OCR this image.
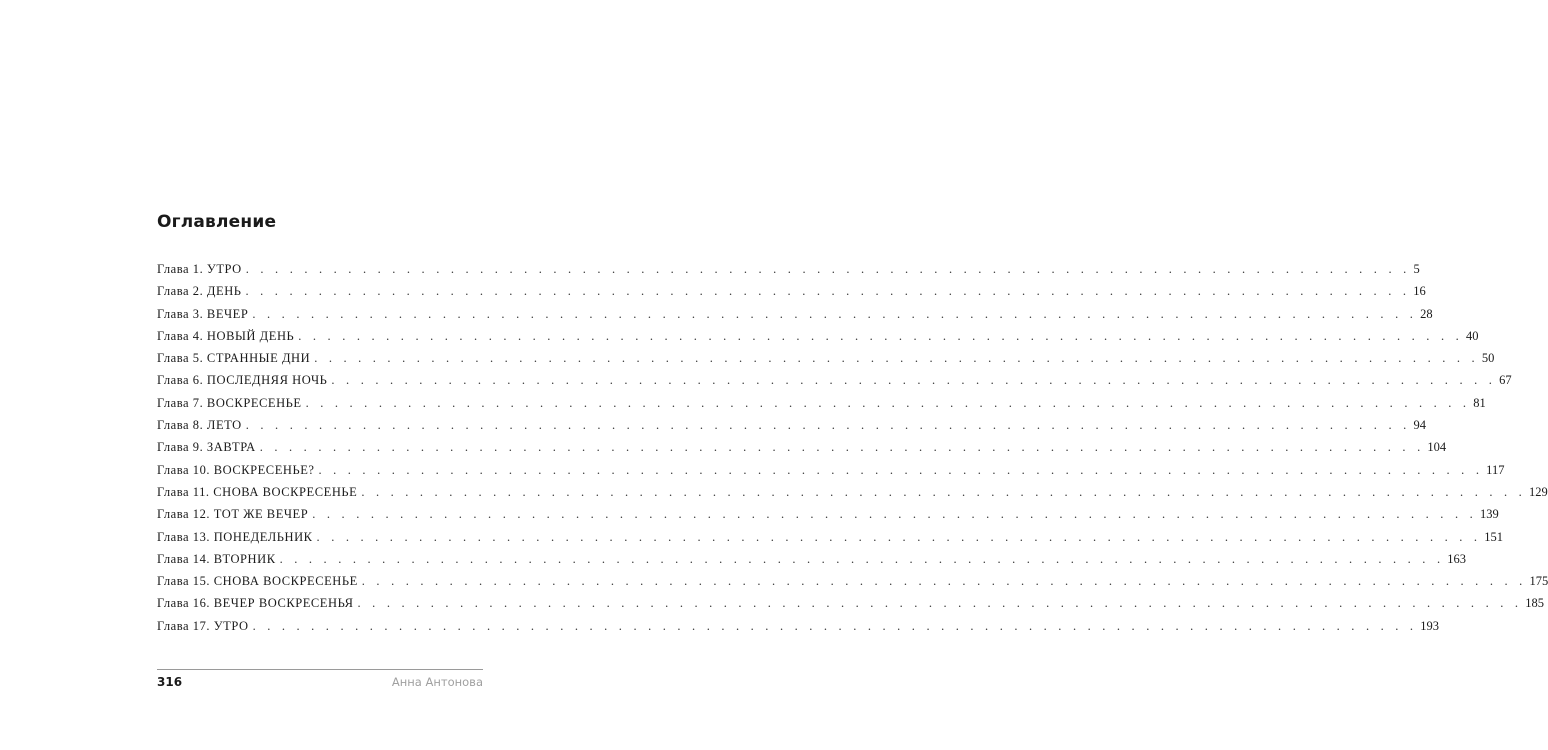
Оглавление
Глава 1. УТРО . . . . . . . . . . . . . . . . . . . . . . . . . . . . . . . . . . . . . . . . . . . . . . . . . . . . . . . . . . . . . . . . . . . . . . . . . . . . . . . . 5
Глава 2. ДЕНЬ . . . . . . . . . . . . . . . . . . . . . . . . . . . . . . . . . . . . . . . . . . . . . . . . . . . . . . . . . . . . . . . . . . . . . . . . . . . . . . . . 16
Глава 3. ВЕЧЕР . . . . . . . . . . . . . . . . . . . . . . . . . . . . . . . . . . . . . . . . . . . . . . . . . . . . . . . . . . . . . . . . . . . . . . . . . . . . . . . . 28
Глава 4. НОВЫЙ ДЕНЬ . . . . . . . . . . . . . . . . . . . . . . . . . . . . . . . . . . . . . . . . . . . . . . . . . . . . . . . . . . . . . . . . . . . . . . . . . . . . . . . . 40
Глава 5. СТРАННЫЕ ДНИ . . . . . . . . . . . . . . . . . . . . . . . . . . . . . . . . . . . . . . . . . . . . . . . . . . . . . . . . . . . . . . . . . . . . . . . . . . . . . . . . 50
Глава 6. ПОСЛЕДНЯЯ НОЧЬ . . . . . . . . . . . . . . . . . . . . . . . . . . . . . . . . . . . . . . . . . . . . . . . . . . . . . . . . . . . . . . . . . . . . . . . . . . . . . . . . 67
Глава 7. ВОСКРЕСЕНЬЕ . . . . . . . . . . . . . . . . . . . . . . . . . . . . . . . . . . . . . . . . . . . . . . . . . . . . . . . . . . . . . . . . . . . . . . . . . . . . . . . . 81
Глава 8. ЛЕТО . . . . . . . . . . . . . . . . . . . . . . . . . . . . . . . . . . . . . . . . . . . . . . . . . . . . . . . . . . . . . . . . . . . . . . . . . . . . . . . . 94
Глава 9. ЗАВТРА . . . . . . . . . . . . . . . . . . . . . . . . . . . . . . . . . . . . . . . . . . . . . . . . . . . . . . . . . . . . . . . . . . . . . . . . . . . . . . . . 104
Глава 10. ВОСКРЕСЕНЬЕ? . . . . . . . . . . . . . . . . . . . . . . . . . . . . . . . . . . . . . . . . . . . . . . . . . . . . . . . . . . . . . . . . . . . . . . . . . . . . . . . . 117
Глава 11. СНОВА ВОСКРЕСЕНЬЕ . . . . . . . . . . . . . . . . . . . . . . . . . . . . . . . . . . . . . . . . . . . . . . . . . . . . . . . . . . . . . . . . . . . . . . . . . . . . . . . . 129
Глава 12. ТОТ ЖЕ ВЕЧЕР . . . . . . . . . . . . . . . . . . . . . . . . . . . . . . . . . . . . . . . . . . . . . . . . . . . . . . . . . . . . . . . . . . . . . . . . . . . . . . . . 139
Глава 13. ПОНЕДЕЛЬНИК . . . . . . . . . . . . . . . . . . . . . . . . . . . . . . . . . . . . . . . . . . . . . . . . . . . . . . . . . . . . . . . . . . . . . . . . . . . . . . . . 151
Глава 14. ВТОРНИК . . . . . . . . . . . . . . . . . . . . . . . . . . . . . . . . . . . . . . . . . . . . . . . . . . . . . . . . . . . . . . . . . . . . . . . . . . . . . . . . 163
Глава 15. СНОВА ВОСКРЕСЕНЬЕ . . . . . . . . . . . . . . . . . . . . . . . . . . . . . . . . . . . . . . . . . . . . . . . . . . . . . . . . . . . . . . . . . . . . . . . . . . . . . . . . 175
Глава 16. ВЕЧЕР ВОСКРЕСЕНЬЯ . . . . . . . . . . . . . . . . . . . . . . . . . . . . . . . . . . . . . . . . . . . . . . . . . . . . . . . . . . . . . . . . . . . . . . . . . . . . . . . . 185
Глава 17. УТРО . . . . . . . . . . . . . . . . . . . . . . . . . . . . . . . . . . . . . . . . . . . . . . . . . . . . . . . . . . . . . . . . . . . . . . . . . . . . . . . . 193
316	Анна Антонова
